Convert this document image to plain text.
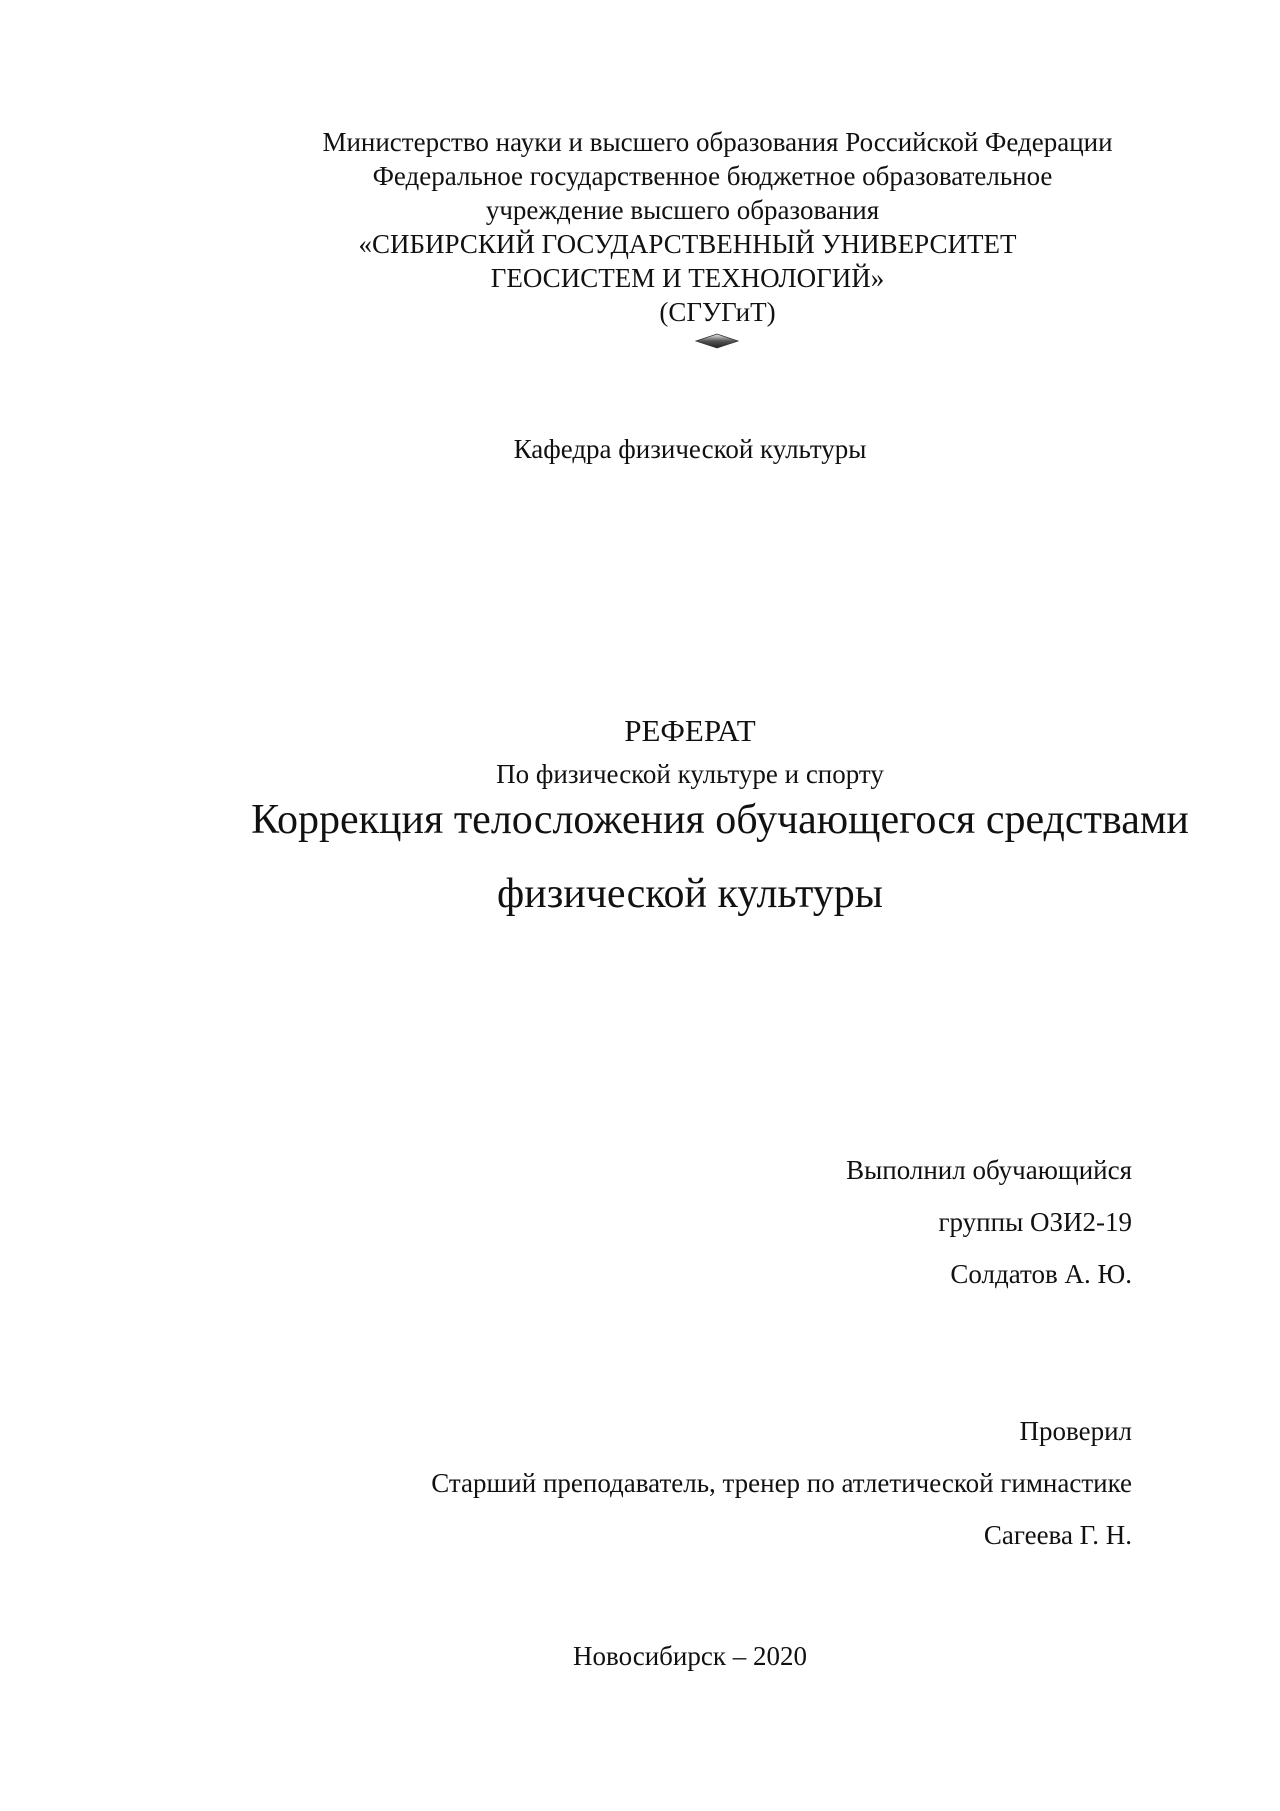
Министерство науки и высшего образования Российской Федерации
Федеральное государственное бюджетное образовательное
учреждение высшего образования
«СИБИРСКИЙ ГОСУДАРСТВЕННЫЙ УНИВЕРСИТЕТ
ГЕОСИСТЕМ И ТЕХНОЛОГИЙ»
(СГУГиТ)
Кафедра физической культуры
РЕФЕРАТ
По физической культуре и спорту
Коррекция телосложения обучающегося средствами
физической культуры
Выполнил обучающийся
группы ОЗИ2-19
Солдатов А. Ю.
Проверил
Старший преподаватель, тренер по атлетической гимнастике
Сагеева Г. Н.
Новосибирск – 2020
